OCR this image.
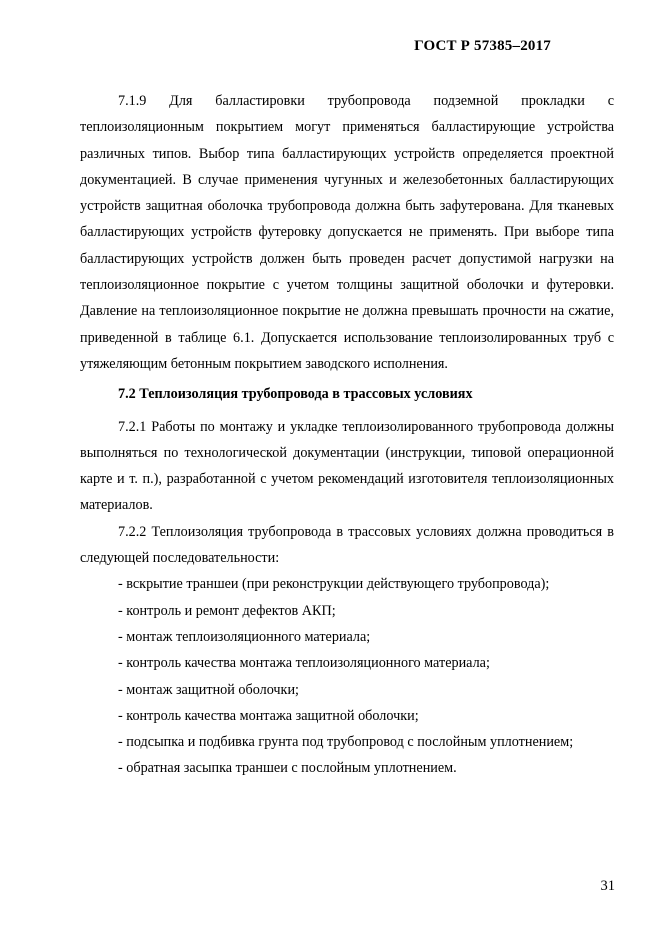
ГОСТ Р 57385–2017

7.1.9 Для балластировки трубопровода подземной прокладки с теплоизоляционным покрытием могут применяться балластирующие устройства различных типов. Выбор типа балластирующих устройств определяется проектной документацией. В случае применения чугунных и железобетонных балластирующих устройств защитная оболочка трубопровода должна быть зафутерована. Для тканевых балластирующих устройств футеровку допускается не применять. При выборе типа балластирующих устройств должен быть проведен расчет допустимой нагрузки на теплоизоляционное покрытие с учетом толщины защитной оболочки и футеровки. Давление на теплоизоляционное покрытие не должна превышать прочности на сжатие, приведенной в таблице 6.1. Допускается использование теплоизолированных труб с утяжеляющим бетонным покрытием заводского исполнения.

7.2 Теплоизоляция трубопровода в трассовых условиях

7.2.1 Работы по монтажу и укладке теплоизолированного трубопровода должны выполняться по технологической документации (инструкции, типовой операционной карте и т. п.), разработанной с учетом рекомендаций изготовителя теплоизоляционных материалов.

7.2.2 Теплоизоляция трубопровода в трассовых условиях должна проводиться в следующей последовательности:

- вскрытие траншеи (при реконструкции действующего трубопровода);
- контроль и ремонт дефектов АКП;
- монтаж теплоизоляционного материала;
- контроль качества монтажа теплоизоляционного материала;
- монтаж защитной оболочки;
- контроль качества монтажа защитной оболочки;
- подсыпка и подбивка грунта под трубопровод с послойным уплотнением;
- обратная засыпка траншеи с послойным уплотнением.
31
